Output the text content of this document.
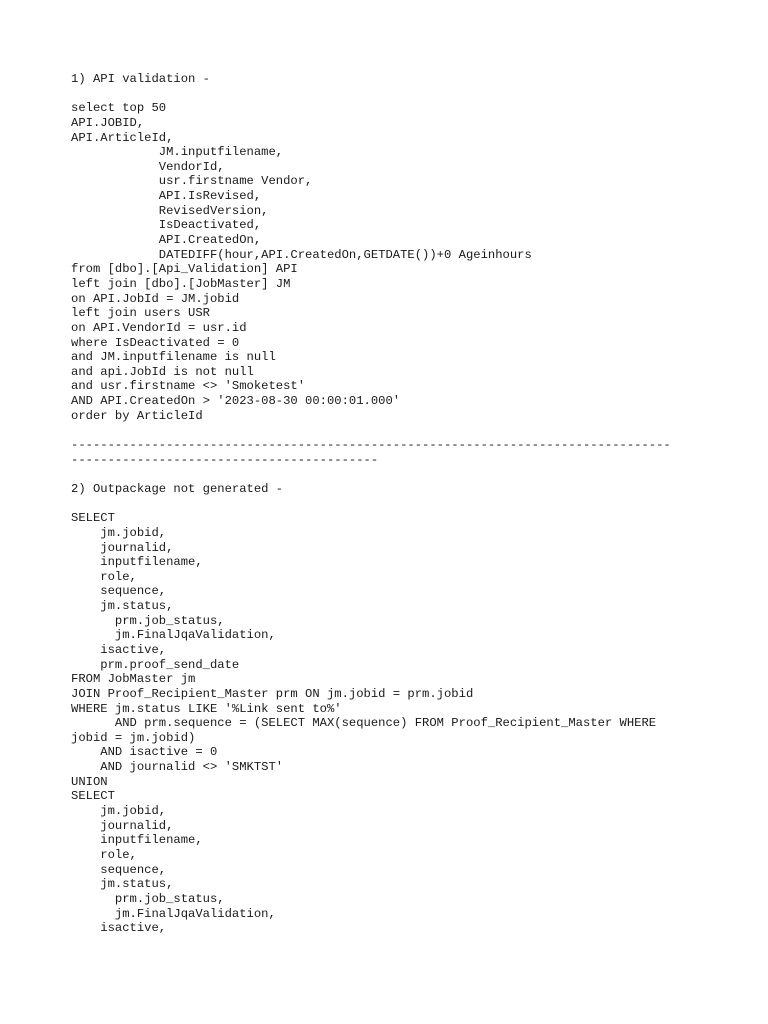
1) API validation -
select top 50
API.JOBID,
API.ArticleId,
JM.inputfilename,
VendorId,
usr.firstname Vendor,
API.IsRevised,
RevisedVersion,
IsDeactivated,
API.CreatedOn,
DATEDIFF(hour,API.CreatedOn,GETDATE())+0 Ageinhours
from [dbo].[Api_Validation] API
left join [dbo].[JobMaster] JM
on API.JobId = JM.jobid
left join users USR
on API.VendorId = usr.id
where IsDeactivated = 0
and JM.inputfilename is null
and api.JobId is not null
and usr.firstname <> 'Smoketest'
AND API.CreatedOn > '2023-08-30 00:00:01.000'
order by ArticleId
----------------------------------------------------------------------------------
------------------------------------------
2) Outpackage not generated -
SELECT
jm.jobid,
journalid,
inputfilename,
role,
sequence,
jm.status,
prm.job_status,
jm.FinalJqaValidation,
isactive,
prm.proof_send_date
FROM JobMaster jm
JOIN Proof_Recipient_Master prm ON jm.jobid = prm.jobid
WHERE jm.status LIKE '%Link sent to%'
AND prm.sequence = (SELECT MAX(sequence) FROM Proof_Recipient_Master WHERE
jobid = jm.jobid)
AND isactive = 0
AND journalid <> 'SMKTST'
UNION
SELECT
jm.jobid,
journalid,
inputfilename,
role,
sequence,
jm.status,
prm.job_status,
jm.FinalJqaValidation,
isactive,
